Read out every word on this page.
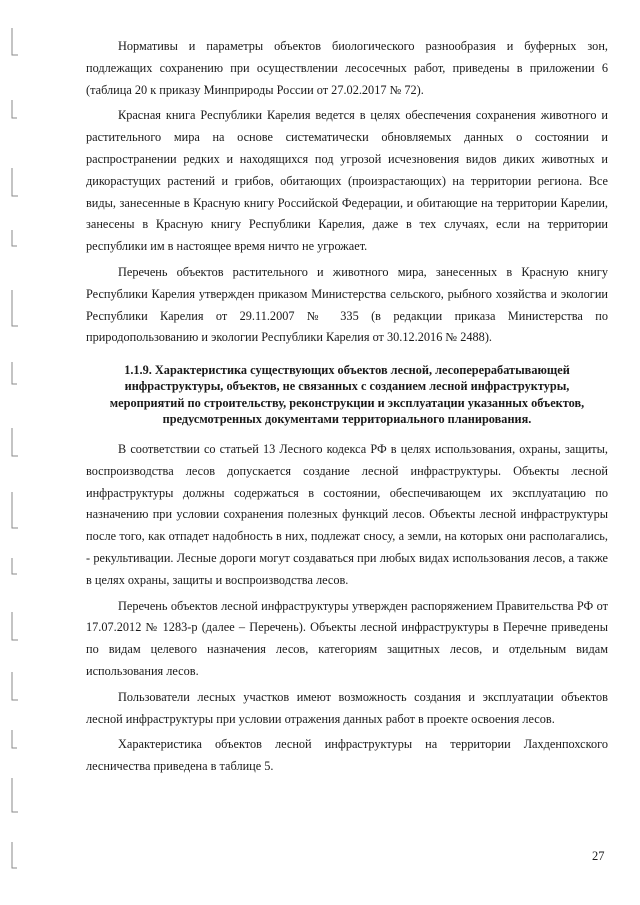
Нормативы и параметры объектов биологического разнообразия и буферных зон, подлежащих сохранению при осуществлении лесосечных работ, приведены в приложении 6 (таблица 20 к приказу Минприроды России от 27.02.2017 № 72).

Красная книга Республики Карелия ведется в целях обеспечения сохранения животного и растительного мира на основе систематически обновляемых данных о состоянии и распространении редких и находящихся под угрозой исчезновения видов диких животных и дикорастущих растений и грибов, обитающих (произрастающих) на территории региона. Все виды, занесенные в Красную книгу Российской Федерации, и обитающие на территории Карелии, занесены в Красную книгу Республики Карелия, даже в тех случаях, если на территории республики им в настоящее время ничто не угрожает.

Перечень объектов растительного и животного мира, занесенных в Красную книгу Республики Карелия утвержден приказом Министерства сельского, рыбного хозяйства и экологии Республики Карелия от 29.11.2007 № 335 (в редакции приказа Министерства по природопользованию и экологии Республики Карелия от 30.12.2016 № 2488).

1.1.9. Характеристика существующих объектов лесной, лесоперерабатывающей инфраструктуры, объектов, не связанных с созданием лесной инфраструктуры, мероприятий по строительству, реконструкции и эксплуатации указанных объектов, предусмотренных документами территориального планирования.

В соответствии со статьей 13 Лесного кодекса РФ в целях использования, охраны, защиты, воспроизводства лесов допускается создание лесной инфраструктуры. Объекты лесной инфраструктуры должны содержаться в состоянии, обеспечивающем их эксплуатацию по назначению при условии сохранения полезных функций лесов. Объекты лесной инфраструктуры после того, как отпадет надобность в них, подлежат сносу, а земли, на которых они располагались, - рекультивации. Лесные дороги могут создаваться при любых видах использования лесов, а также в целях охраны, защиты и воспроизводства лесов.

Перечень объектов лесной инфраструктуры утвержден распоряжением Правительства РФ от 17.07.2012 № 1283-р (далее – Перечень). Объекты лесной инфраструктуры в Перечне приведены по видам целевого назначения лесов, категориям защитных лесов, и отдельным видам использования лесов.

Пользователи лесных участков имеют возможность создания и эксплуатации объектов лесной инфраструктуры при условии отражения данных работ в проекте освоения лесов.

Характеристика объектов лесной инфраструктуры на территории Лахденпохского лесничества приведена в таблице 5.

27
